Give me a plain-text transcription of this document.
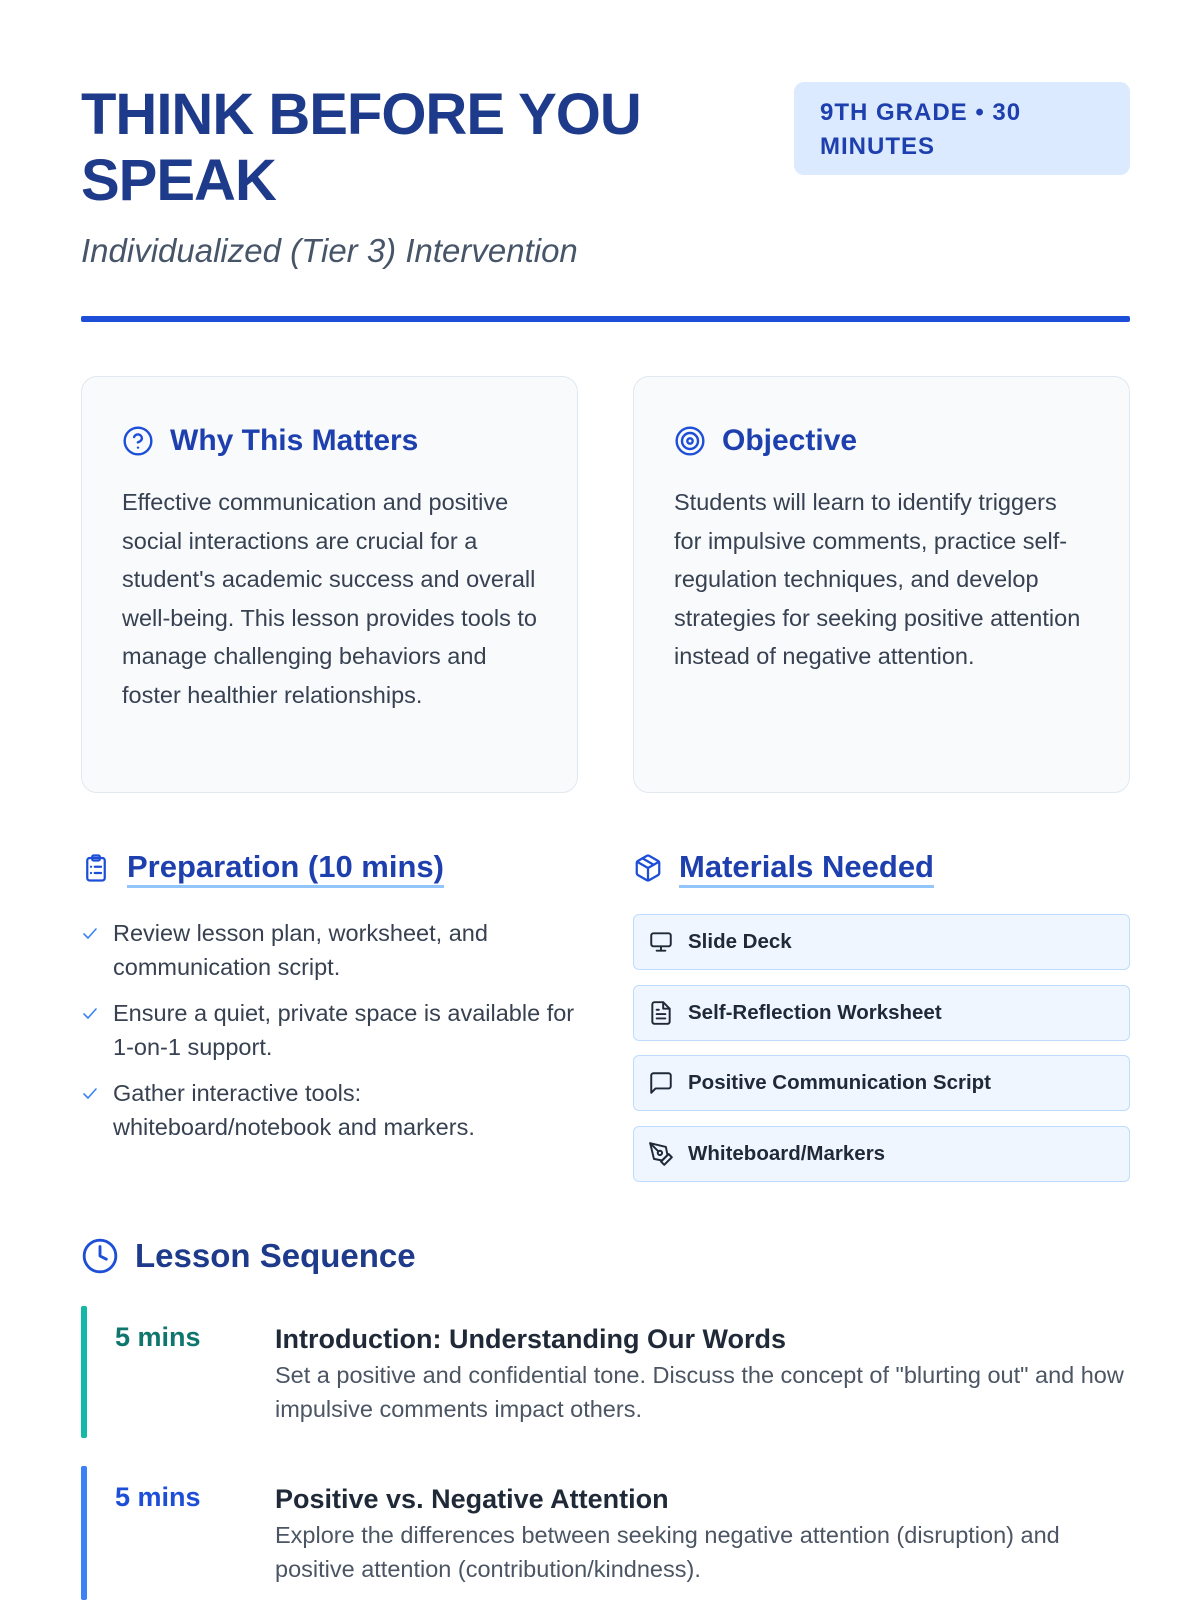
THINK BEFORE YOU
SPEAK
9TH GRADE • 30
MINUTES
Individualized (Tier 3) Intervention
Why This Matters

Effective communication and positive social interactions are crucial for a student's academic success and overall well-being. This lesson provides tools to manage challenging behaviors and foster healthier relationships.

Objective

Students will learn to identify triggers for impulsive comments, practice self-regulation techniques, and develop strategies for seeking positive attention instead of negative attention.

Preparation (10 mins)
Review lesson plan, worksheet, and communication script.
Ensure a quiet, private space is available for 1-on-1 support.
Gather interactive tools: whiteboard/notebook and markers.
Materials Needed
Slide Deck
Self-Reflection Worksheet
Positive Communication Script
Whiteboard/Markers
Lesson Sequence
5 mins	Introduction: Understanding Our Words
Set a positive and confidential tone. Discuss the concept of "blurting out" and how impulsive comments impact others.
5 mins	Positive vs. Negative Attention
Explore the differences between seeking negative attention (disruption) and positive attention (contribution/kindness).
